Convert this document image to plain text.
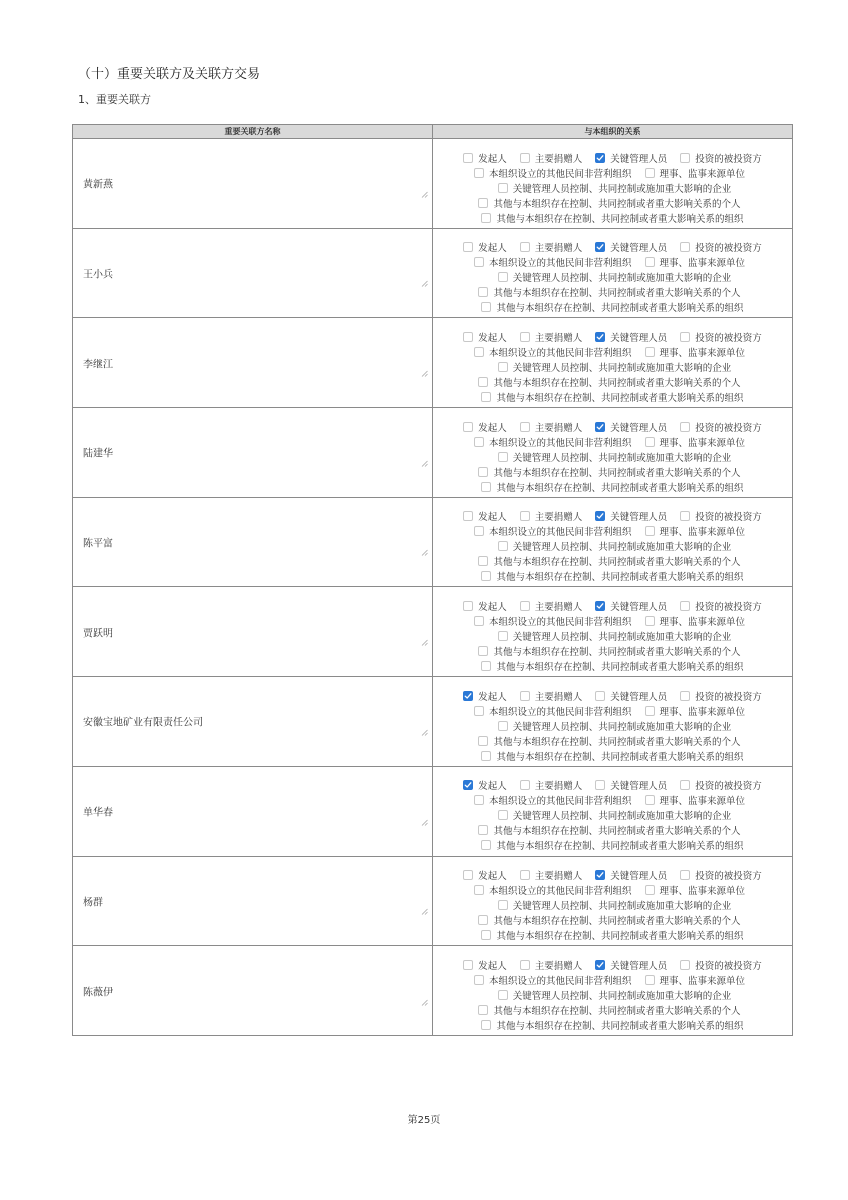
（十）重要关联方及关联方交易
1、重要关联方
重要关联方名称	与本组织的关系
黄新燕
发起人	主要捐赠人	关键管理人员	投资的被投资方
本组织设立的其他民间非营利组织	理事、监事来源单位
关键管理人员控制、共同控制或施加重大影响的企业
其他与本组织存在控制、共同控制或者重大影响关系的个人
其他与本组织存在控制、共同控制或者重大影响关系的组织
王小兵
发起人	主要捐赠人	关键管理人员	投资的被投资方
本组织设立的其他民间非营利组织	理事、监事来源单位
关键管理人员控制、共同控制或施加重大影响的企业
其他与本组织存在控制、共同控制或者重大影响关系的个人
其他与本组织存在控制、共同控制或者重大影响关系的组织
李继江
发起人	主要捐赠人	关键管理人员	投资的被投资方
本组织设立的其他民间非营利组织	理事、监事来源单位
关键管理人员控制、共同控制或施加重大影响的企业
其他与本组织存在控制、共同控制或者重大影响关系的个人
其他与本组织存在控制、共同控制或者重大影响关系的组织
陆建华
发起人	主要捐赠人	关键管理人员	投资的被投资方
本组织设立的其他民间非营利组织	理事、监事来源单位
关键管理人员控制、共同控制或施加重大影响的企业
其他与本组织存在控制、共同控制或者重大影响关系的个人
其他与本组织存在控制、共同控制或者重大影响关系的组织
陈平富
发起人	主要捐赠人	关键管理人员	投资的被投资方
本组织设立的其他民间非营利组织	理事、监事来源单位
关键管理人员控制、共同控制或施加重大影响的企业
其他与本组织存在控制、共同控制或者重大影响关系的个人
其他与本组织存在控制、共同控制或者重大影响关系的组织
贾跃明
发起人	主要捐赠人	关键管理人员	投资的被投资方
本组织设立的其他民间非营利组织	理事、监事来源单位
关键管理人员控制、共同控制或施加重大影响的企业
其他与本组织存在控制、共同控制或者重大影响关系的个人
其他与本组织存在控制、共同控制或者重大影响关系的组织
安徽宝地矿业有限责任公司
发起人	主要捐赠人	关键管理人员	投资的被投资方
本组织设立的其他民间非营利组织	理事、监事来源单位
关键管理人员控制、共同控制或施加重大影响的企业
其他与本组织存在控制、共同控制或者重大影响关系的个人
其他与本组织存在控制、共同控制或者重大影响关系的组织
单华春
发起人	主要捐赠人	关键管理人员	投资的被投资方
本组织设立的其他民间非营利组织	理事、监事来源单位
关键管理人员控制、共同控制或施加重大影响的企业
其他与本组织存在控制、共同控制或者重大影响关系的个人
其他与本组织存在控制、共同控制或者重大影响关系的组织
杨群
发起人	主要捐赠人	关键管理人员	投资的被投资方
本组织设立的其他民间非营利组织	理事、监事来源单位
关键管理人员控制、共同控制或施加重大影响的企业
其他与本组织存在控制、共同控制或者重大影响关系的个人
其他与本组织存在控制、共同控制或者重大影响关系的组织
陈薇伊
发起人	主要捐赠人	关键管理人员	投资的被投资方
本组织设立的其他民间非营利组织	理事、监事来源单位
关键管理人员控制、共同控制或施加重大影响的企业
其他与本组织存在控制、共同控制或者重大影响关系的个人
其他与本组织存在控制、共同控制或者重大影响关系的组织
第25页
